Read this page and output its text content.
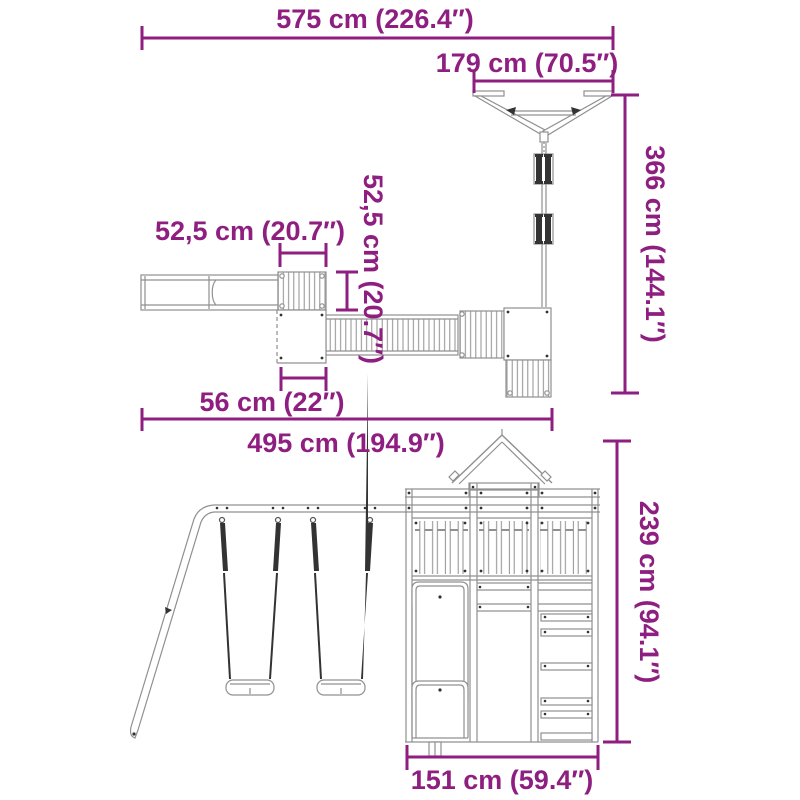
575 cm (226.4″)
179 cm (70.5″)
366 cm (144.1″)
52,5 cm (20.7″) 52,5 cm (20.7″)
56 cm (22″)
495 cm (194.9″)
239 cm (94.1″)
151 cm (59.4″)
